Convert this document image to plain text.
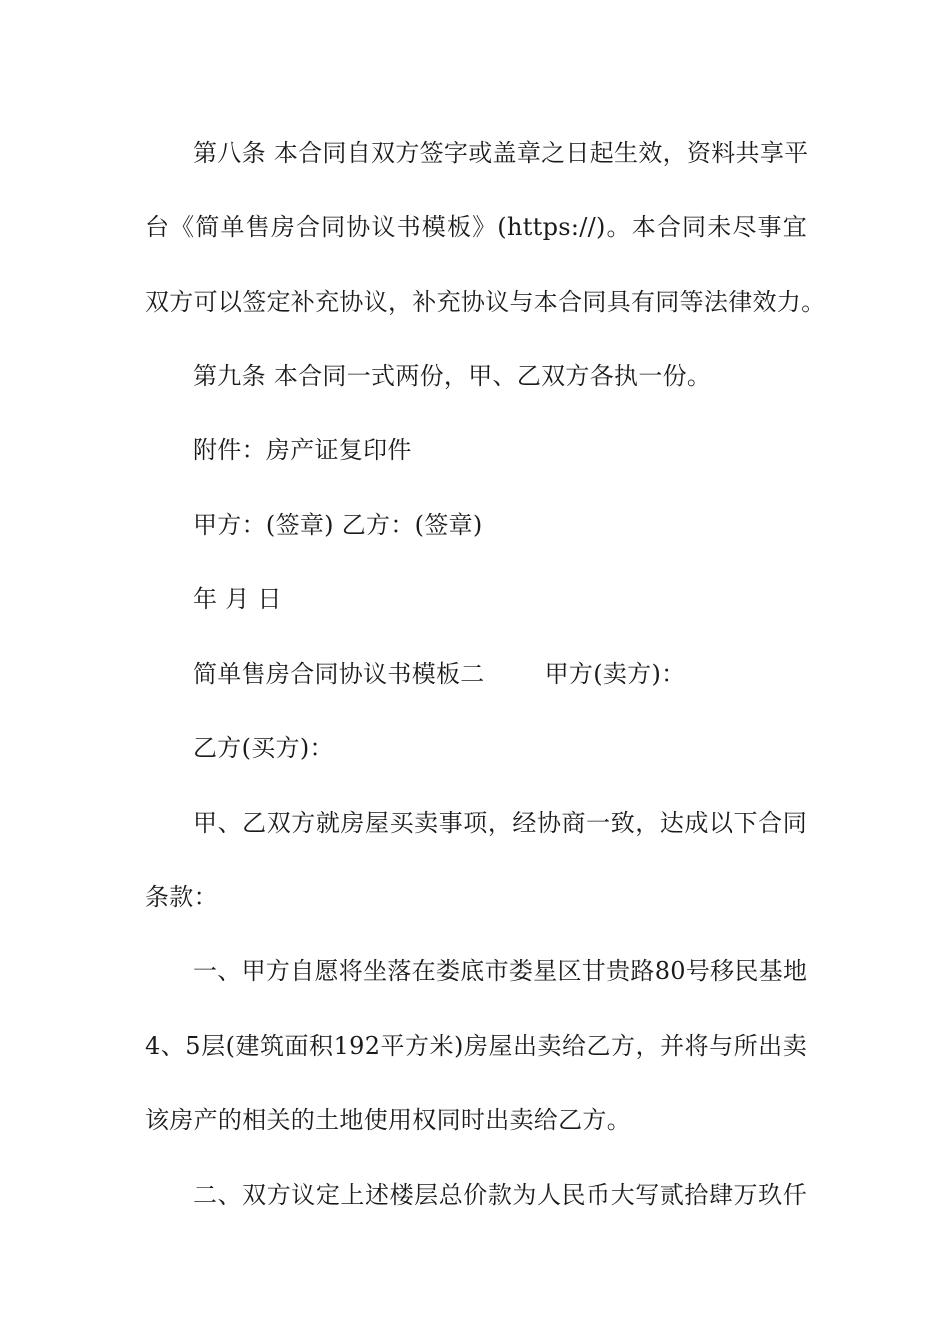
第八条 本合同自双方签字或盖章之日起生效，资料共享平
台《简单售房合同协议书模板》(https://)。本合同未尽事宜
双方可以签定补充协议，补充协议与本合同具有同等法律效力。
第九条 本合同一式两份，甲、乙双方各执一份。
附件：房产证复印件
甲方：(签章) 乙方：(签章)
年 月 日
简单售房合同协议书模板二	甲方(卖方)：
乙方(买方)：
甲、乙双方就房屋买卖事项，经协商一致，达成以下合同
条款：
一、甲方自愿将坐落在娄底市娄星区甘贵路80号移民基地
4、5层(建筑面积192平方米)房屋出卖给乙方，并将与所出卖
该房产的相关的土地使用权同时出卖给乙方。
二、双方议定上述楼层总价款为人民币大写贰拾肆万玖仟
